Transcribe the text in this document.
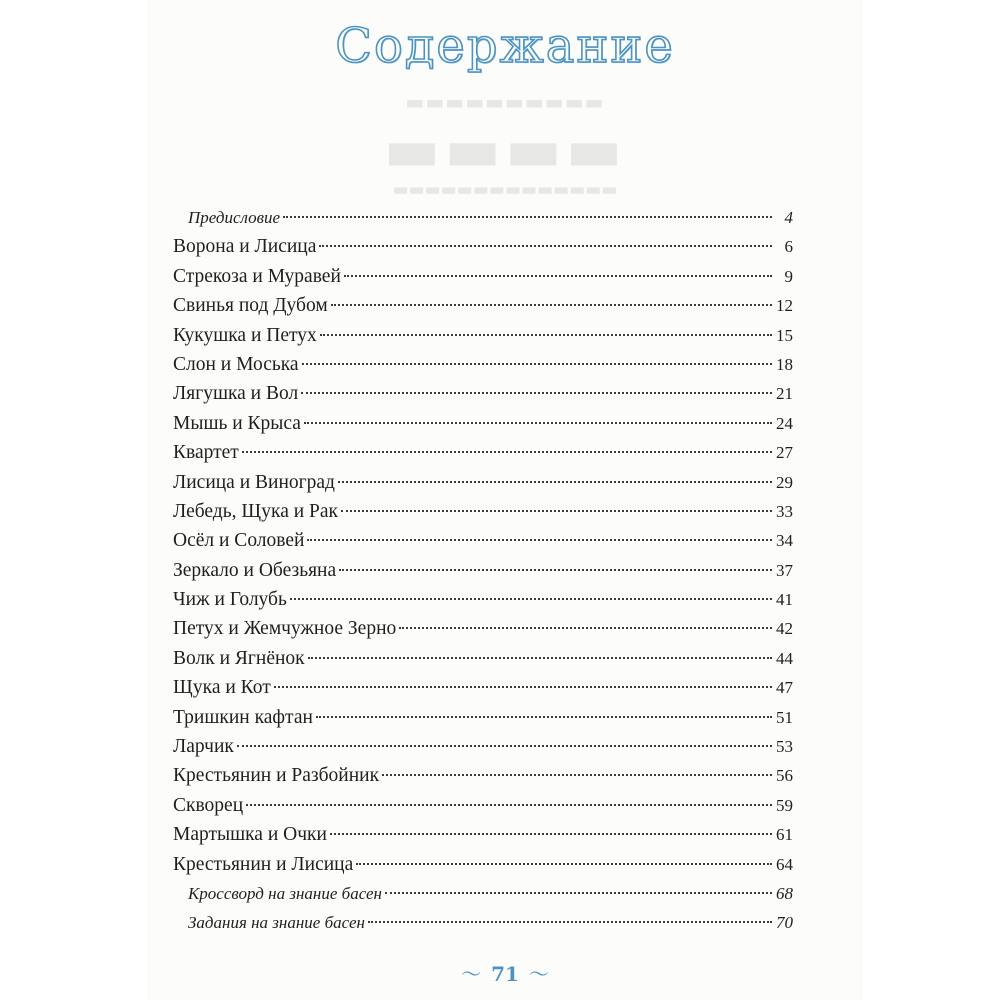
▬▬▬▬▬▬▬▬▬▬
▬▬▬▬
▬▬▬▬▬▬▬▬▬▬▬▬▬▬
Содержание
Предисловие	4
Ворона и Лисица	6
Стрекоза и Муравей	9
Свинья под Дубом	12
Кукушка и Петух	15
Слон и Моська	18
Лягушка и Вол	21
Мышь и Крыса	24
Квартет	27
Лисица и Виноград	29
Лебедь, Щука и Рак	33
Осёл и Соловей	34
Зеркало и Обезьяна	37
Чиж и Голубь	41
Петух и Жемчужное Зерно	42
Волк и Ягнёнок	44
Щука и Кот	47
Тришкин кафтан	51
Ларчик	53
Крестьянин и Разбойник	56
Скворец	59
Мартышка и Очки	61
Крестьянин и Лисица	64
Кроссворд на знание басен	68
Задания на знание басен	70
〜 71 〜
